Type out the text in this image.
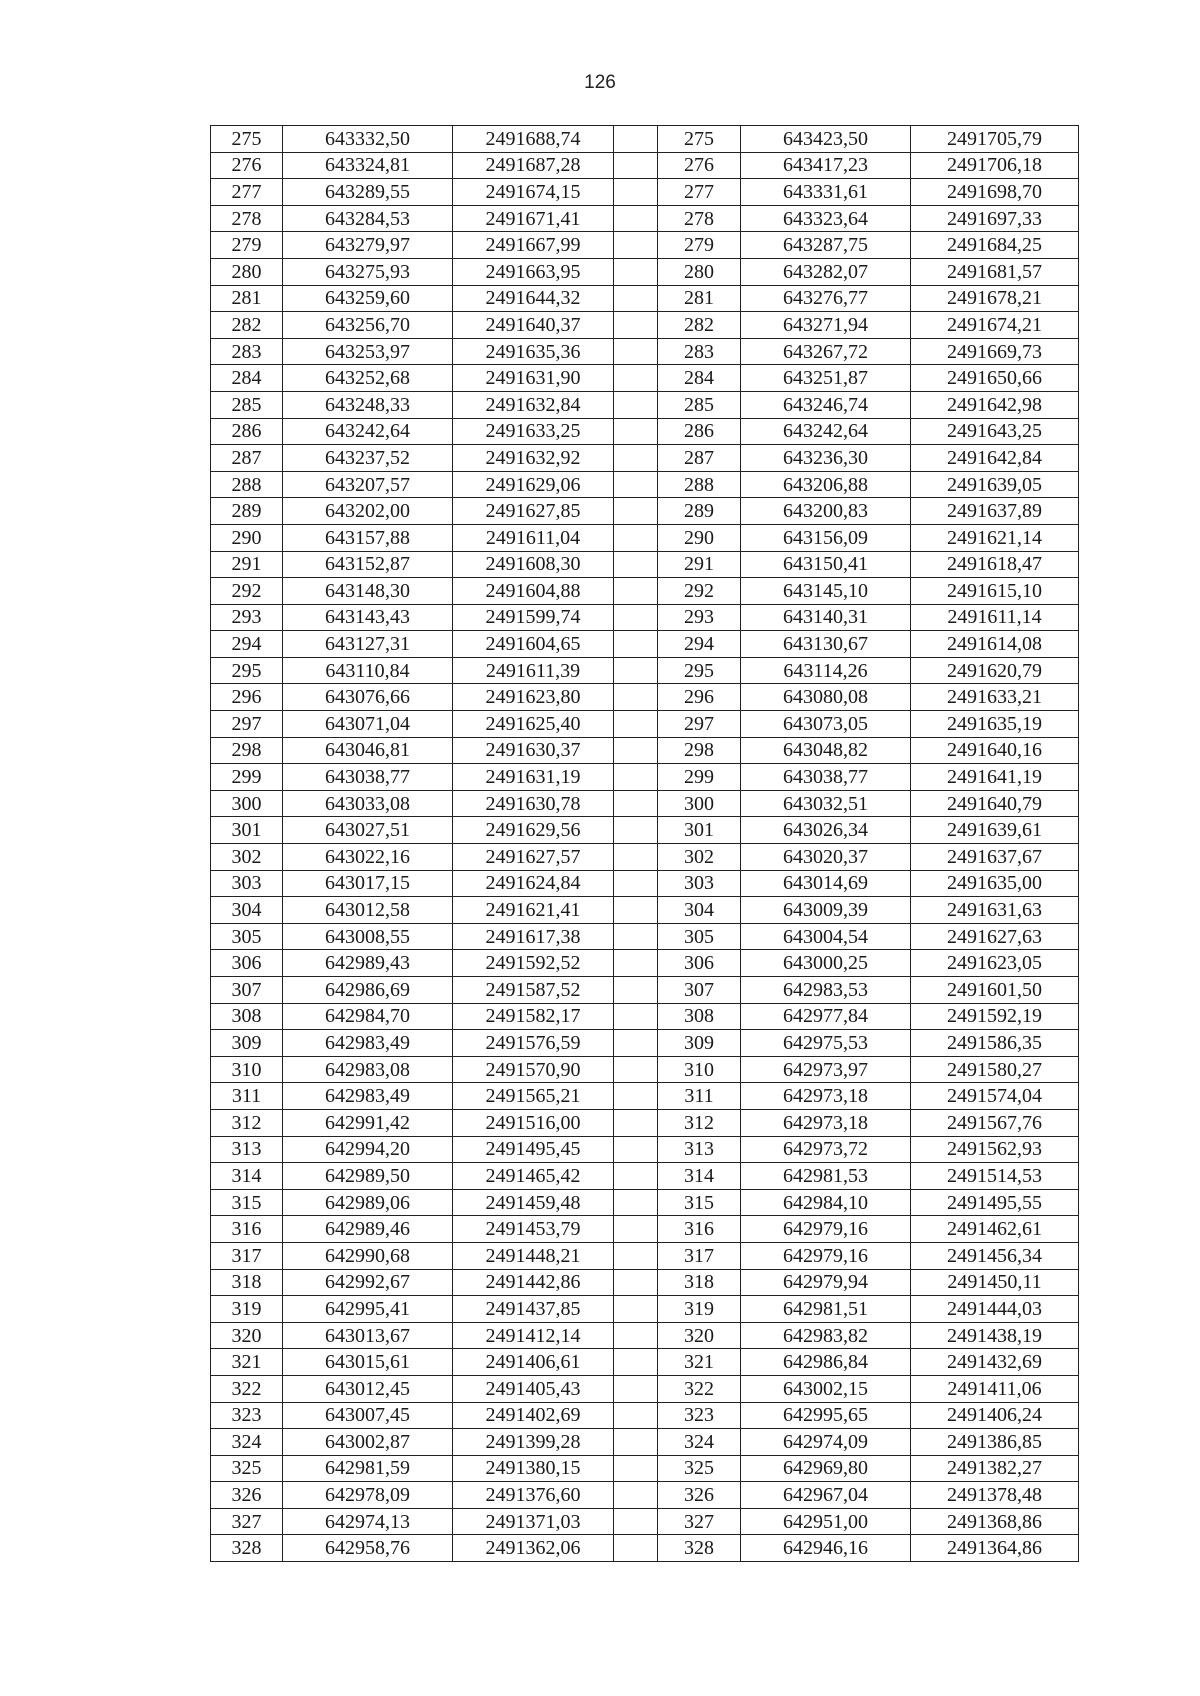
126
275	643332,50	2491688,74		275	643423,50	2491705,79
276	643324,81	2491687,28		276	643417,23	2491706,18
277	643289,55	2491674,15		277	643331,61	2491698,70
278	643284,53	2491671,41		278	643323,64	2491697,33
279	643279,97	2491667,99		279	643287,75	2491684,25
280	643275,93	2491663,95		280	643282,07	2491681,57
281	643259,60	2491644,32		281	643276,77	2491678,21
282	643256,70	2491640,37		282	643271,94	2491674,21
283	643253,97	2491635,36		283	643267,72	2491669,73
284	643252,68	2491631,90		284	643251,87	2491650,66
285	643248,33	2491632,84		285	643246,74	2491642,98
286	643242,64	2491633,25		286	643242,64	2491643,25
287	643237,52	2491632,92		287	643236,30	2491642,84
288	643207,57	2491629,06		288	643206,88	2491639,05
289	643202,00	2491627,85		289	643200,83	2491637,89
290	643157,88	2491611,04		290	643156,09	2491621,14
291	643152,87	2491608,30		291	643150,41	2491618,47
292	643148,30	2491604,88		292	643145,10	2491615,10
293	643143,43	2491599,74		293	643140,31	2491611,14
294	643127,31	2491604,65		294	643130,67	2491614,08
295	643110,84	2491611,39		295	643114,26	2491620,79
296	643076,66	2491623,80		296	643080,08	2491633,21
297	643071,04	2491625,40		297	643073,05	2491635,19
298	643046,81	2491630,37		298	643048,82	2491640,16
299	643038,77	2491631,19		299	643038,77	2491641,19
300	643033,08	2491630,78		300	643032,51	2491640,79
301	643027,51	2491629,56		301	643026,34	2491639,61
302	643022,16	2491627,57		302	643020,37	2491637,67
303	643017,15	2491624,84		303	643014,69	2491635,00
304	643012,58	2491621,41		304	643009,39	2491631,63
305	643008,55	2491617,38		305	643004,54	2491627,63
306	642989,43	2491592,52		306	643000,25	2491623,05
307	642986,69	2491587,52		307	642983,53	2491601,50
308	642984,70	2491582,17		308	642977,84	2491592,19
309	642983,49	2491576,59		309	642975,53	2491586,35
310	642983,08	2491570,90		310	642973,97	2491580,27
311	642983,49	2491565,21		311	642973,18	2491574,04
312	642991,42	2491516,00		312	642973,18	2491567,76
313	642994,20	2491495,45		313	642973,72	2491562,93
314	642989,50	2491465,42		314	642981,53	2491514,53
315	642989,06	2491459,48		315	642984,10	2491495,55
316	642989,46	2491453,79		316	642979,16	2491462,61
317	642990,68	2491448,21		317	642979,16	2491456,34
318	642992,67	2491442,86		318	642979,94	2491450,11
319	642995,41	2491437,85		319	642981,51	2491444,03
320	643013,67	2491412,14		320	642983,82	2491438,19
321	643015,61	2491406,61		321	642986,84	2491432,69
322	643012,45	2491405,43		322	643002,15	2491411,06
323	643007,45	2491402,69		323	642995,65	2491406,24
324	643002,87	2491399,28		324	642974,09	2491386,85
325	642981,59	2491380,15		325	642969,80	2491382,27
326	642978,09	2491376,60		326	642967,04	2491378,48
327	642974,13	2491371,03		327	642951,00	2491368,86
328	642958,76	2491362,06		328	642946,16	2491364,86
